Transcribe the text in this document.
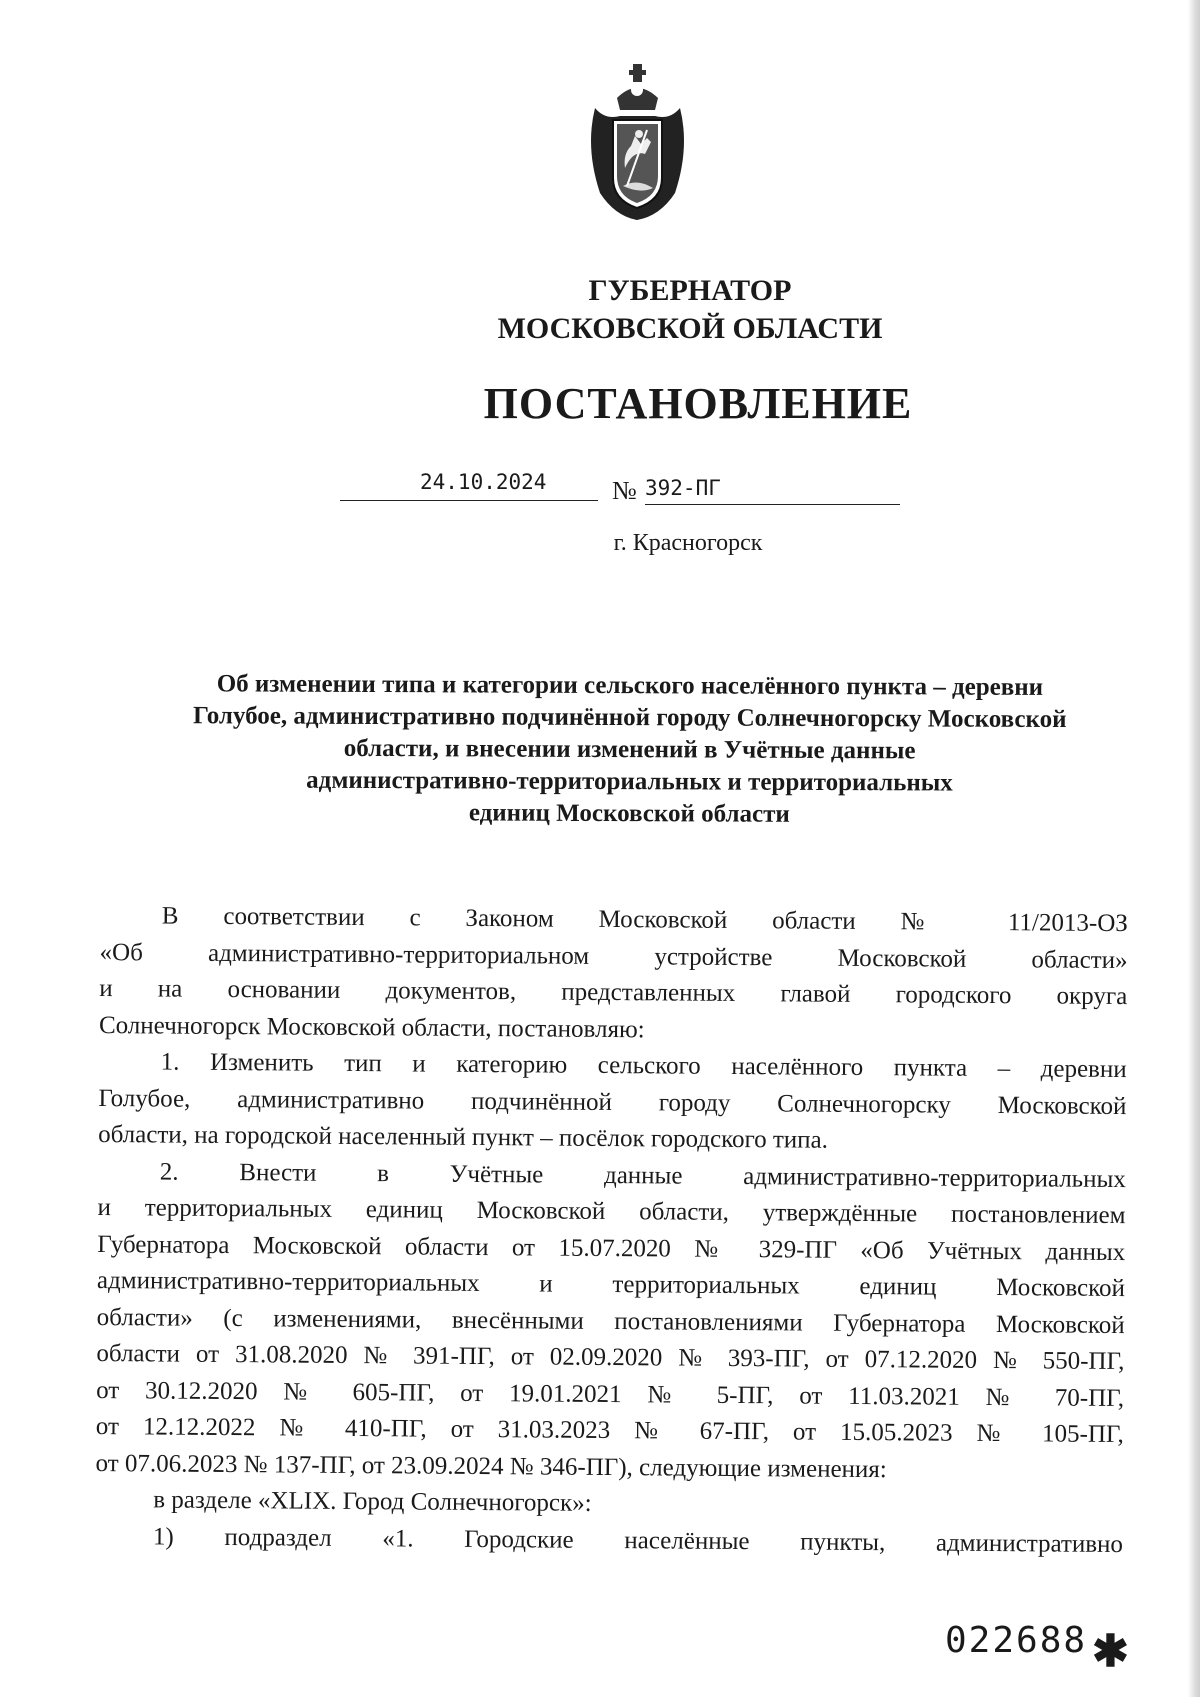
ГУБЕРНАТОР
МОСКОВСКОЙ ОБЛАСТИ
ПОСТАНОВЛЕНИЕ
24.10.2024	№ 392-ПГ
г. Красногорск
Об изменении типа и категории сельского населённого пункта – деревни
Голубое, административно подчинённой городу Солнечногорску Московской
области, и внесении изменений в Учётные данные
административно-территориальных и территориальных
единиц Московской области

В соответствии с Законом Московской области № 11/2013-ОЗ

«Об административно-территориальном устройстве Московской области»

и на основании документов, представленных главой городского округа

Солнечногорск Московской области, постановляю:

1. Изменить тип и категорию сельского населённого пункта – деревни

Голубое, административно подчинённой городу Солнечногорску Московской

области, на городской населенный пункт – посёлок городского типа.

2. Внести в Учётные данные административно-территориальных

и территориальных единиц Московской области, утверждённые постановлением

Губернатора Московской области от 15.07.2020 № 329-ПГ «Об Учётных данных

административно-территориальных и территориальных единиц Московской

области» (с изменениями, внесёнными постановлениями Губернатора Московской

области от 31.08.2020 № 391-ПГ, от 02.09.2020 № 393-ПГ, от 07.12.2020 № 550-ПГ,

от 30.12.2020 № 605-ПГ, от 19.01.2021 № 5-ПГ, от 11.03.2021 № 70-ПГ,

от 12.12.2022 № 410-ПГ, от 31.03.2023 № 67-ПГ, от 15.05.2023 № 105-ПГ,

от 07.06.2023 № 137-ПГ, от 23.09.2024 № 346-ПГ), следующие изменения:

в разделе «XLIX. Город Солнечногорск»:

1) подраздел «1. Городские населённые пункты, административно

022688 ✱
